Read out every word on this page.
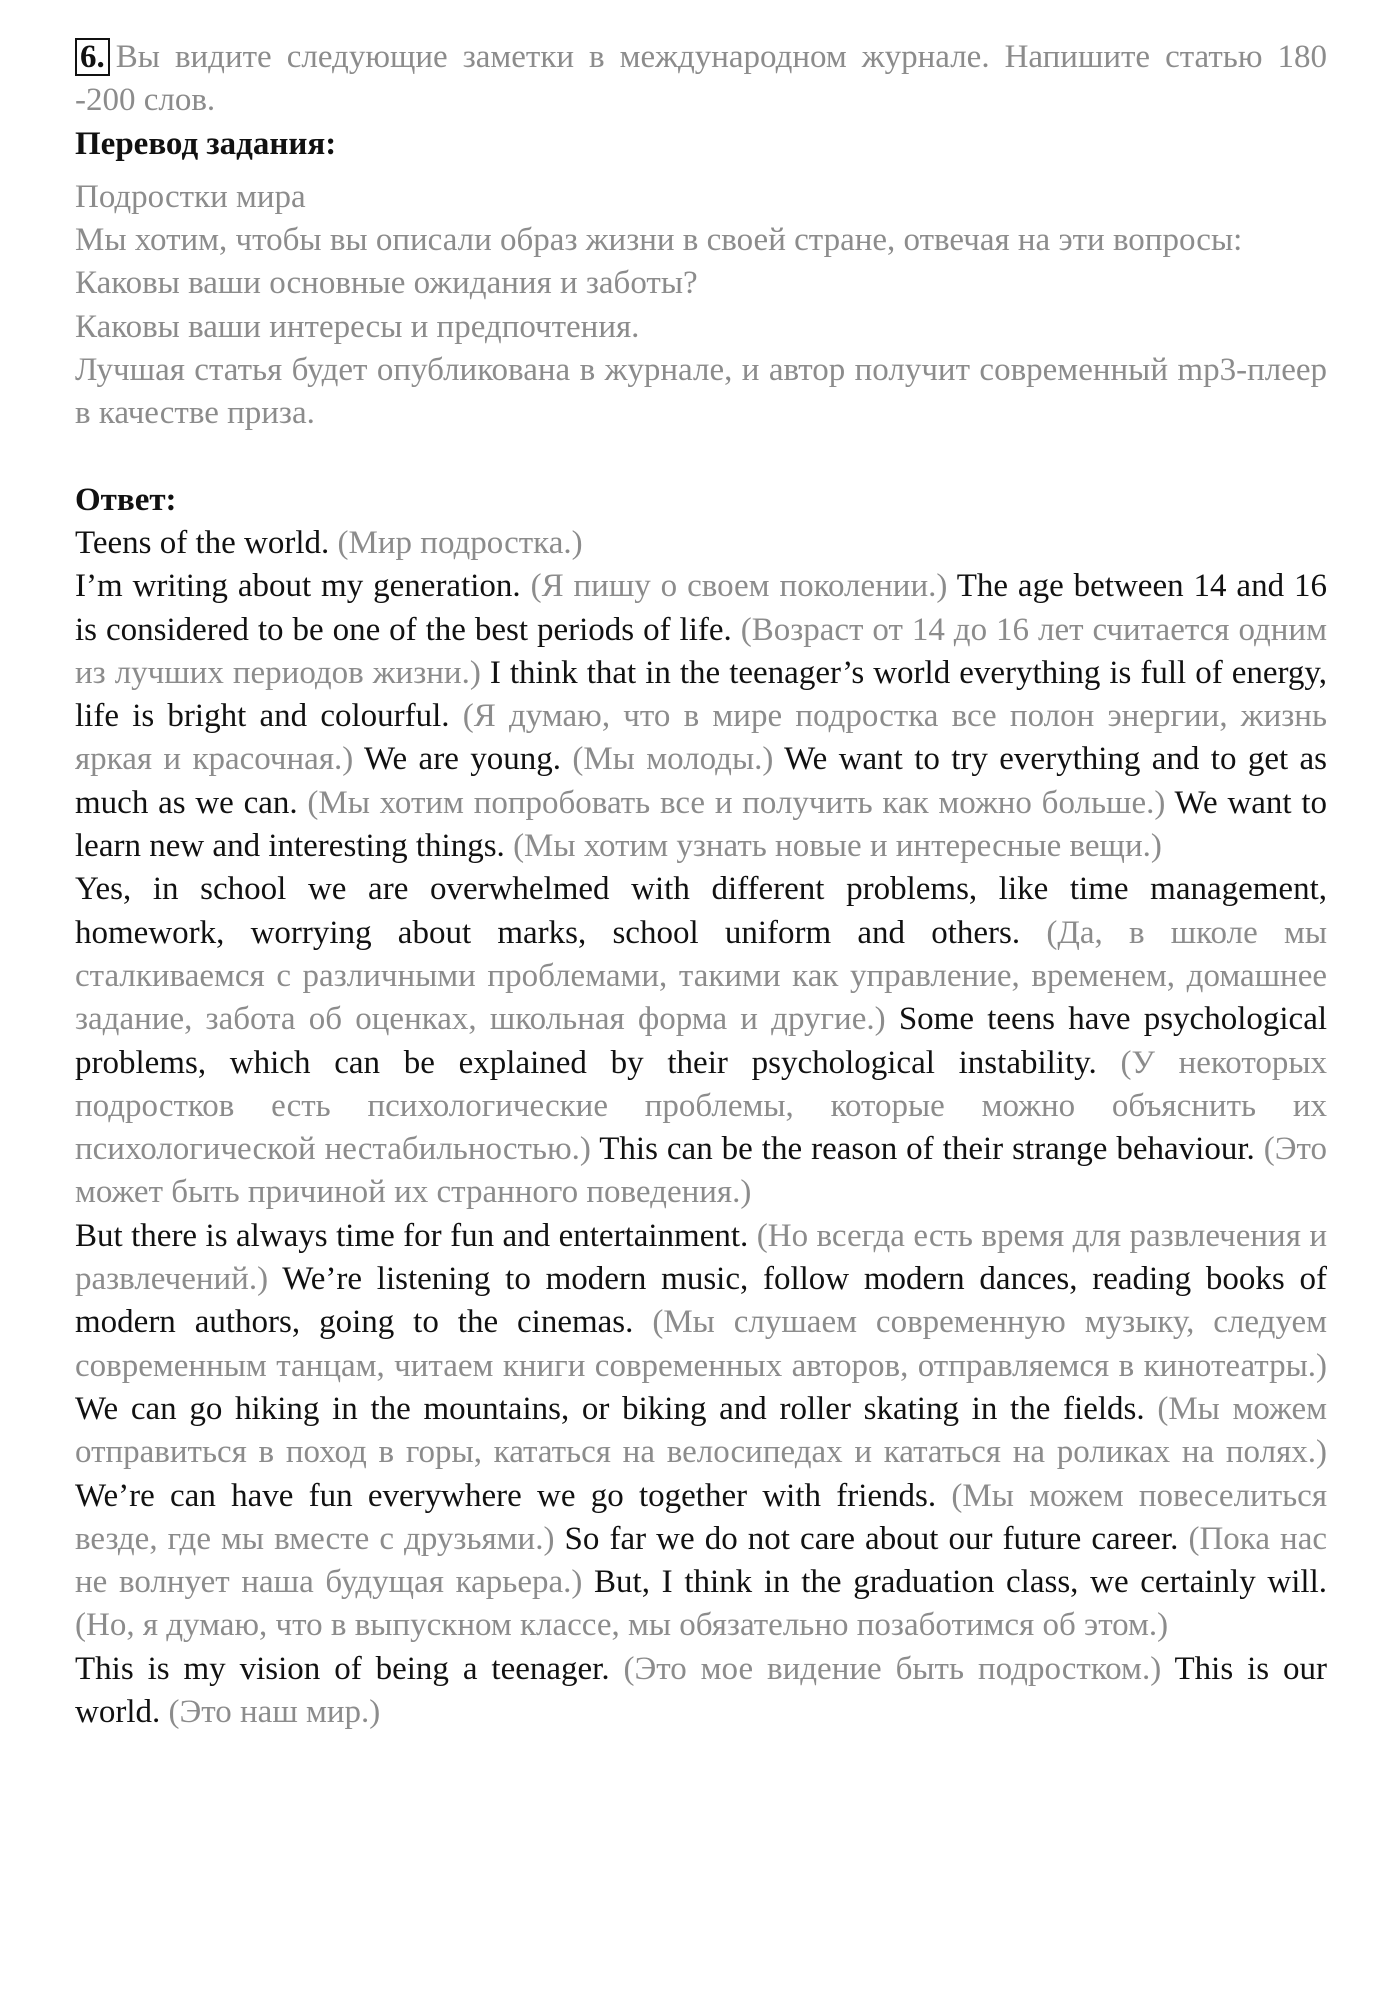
6. Вы видите следующие заметки в международном журнале. Напишите статью 180 -200 слов.
Перевод задания:
Подростки мира
Мы хотим, чтобы вы описали образ жизни в своей стране, отвечая на эти вопросы:
Каковы ваши основные ожидания и заботы?
Каковы ваши интересы и предпочтения.
Лучшая статья будет опубликована в журнале, и автор получит современный mp3-плеер в качестве приза.
Ответ:
Teens of the world. (Мир подростка.)
I’m writing about my generation. (Я пишу о своем поколении.) The age between 14 and 16 is considered to be one of the best periods of life. (Возраст от 14 до 16 лет считается одним из лучших периодов жизни.) I think that in the teenager’s world everything is full of energy, life is bright and colourful. (Я думаю, что в мире подростка все полон энергии, жизнь яркая и красочная.) We are young. (Мы молоды.) We want to try everything and to get as much as we can. (Мы хотим попробовать все и получить как можно больше.) We want to learn new and interesting things. (Мы хотим узнать новые и интересные вещи.)
Yes, in school we are overwhelmed with different problems, like time management, homework, worrying about marks, school uniform and others. (Да, в школе мы сталкиваемся с различными проблемами, такими как управление, временем, домашнее задание, забота об оценках, школьная форма и другие.) Some teens have psychological problems, which can be explained by their psychological instability. (У некоторых подростков есть психологические проблемы, которые можно объяснить их психологической нестабильностью.) This can be the reason of their strange behaviour. (Это может быть причиной их странного поведения.)
But there is always time for fun and entertainment. (Но всегда есть время для развлечения и развлечений.) We’re listening to modern music, follow modern dances, reading books of modern authors, going to the cinemas. (Мы слушаем современную музыку, следуем современным танцам, читаем книги современных авторов, отправляемся в кинотеатры.) We can go hiking in the mountains, or biking and roller skating in the fields. (Мы можем отправиться в поход в горы, кататься на велосипедах и кататься на роликах на полях.) We’re can have fun everywhere we go together with friends. (Мы можем повеселиться везде, где мы вместе с друзьями.) So far we do not care about our future career. (Пока нас не волнует наша будущая карьера.) But, I think in the graduation class, we certainly will. (Но, я думаю, что в выпускном классе, мы обязательно позаботимся об этом.)
This is my vision of being a teenager. (Это мое видение быть подростком.) This is our world. (Это наш мир.)
